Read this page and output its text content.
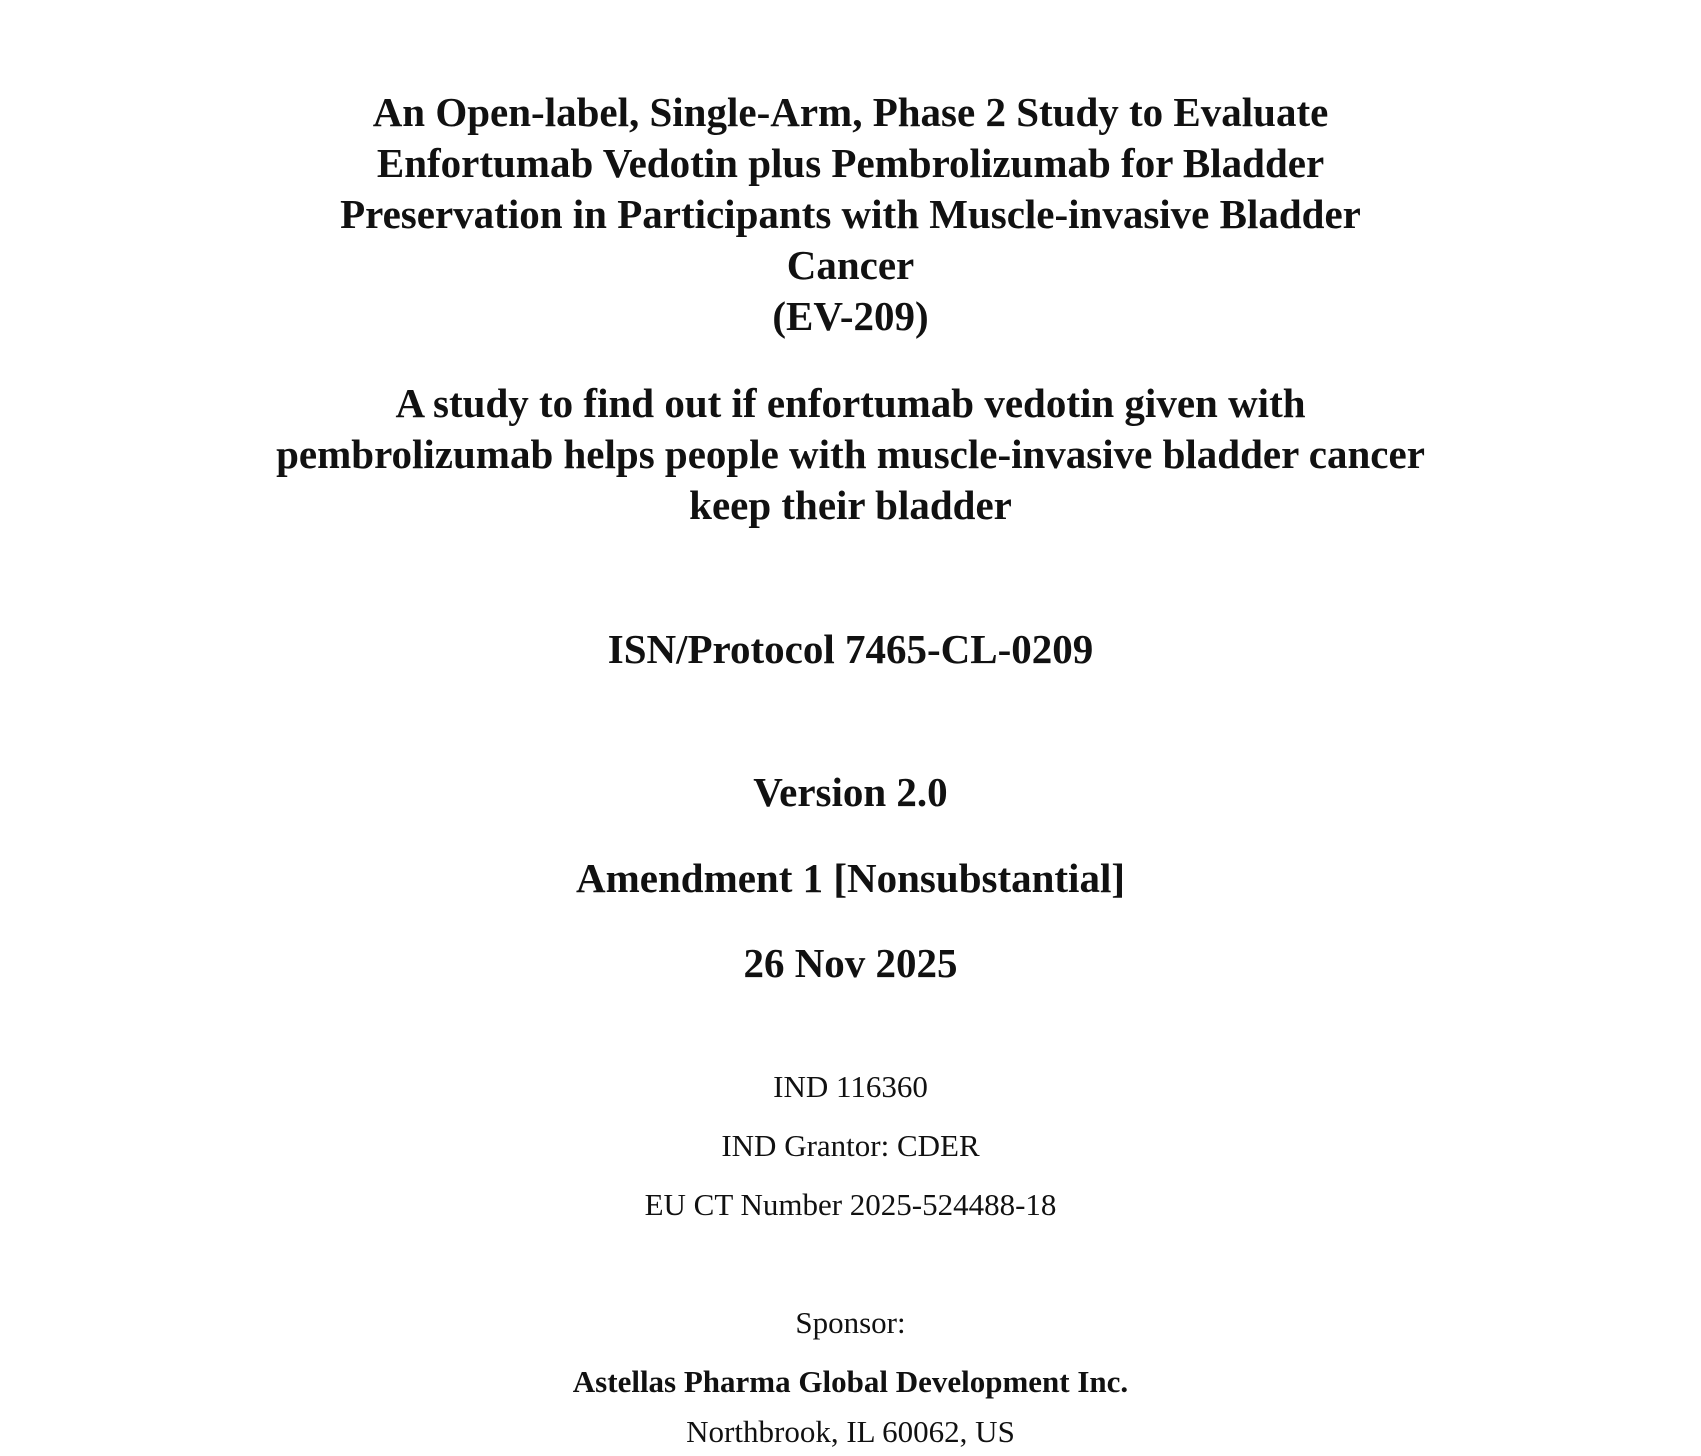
An Open-label, Single-Arm, Phase 2 Study to Evaluate
Enfortumab Vedotin plus Pembrolizumab for Bladder
Preservation in Participants with Muscle-invasive Bladder
Cancer
(EV-209)
A study to find out if enfortumab vedotin given with
pembrolizumab helps people with muscle-invasive bladder cancer
keep their bladder
ISN/Protocol 7465-CL-0209
Version 2.0
Amendment 1 [Nonsubstantial]
26 Nov 2025
IND 116360
IND Grantor: CDER
EU CT Number 2025-524488-18
Sponsor:
Astellas Pharma Global Development Inc.
Northbrook, IL 60062, US
